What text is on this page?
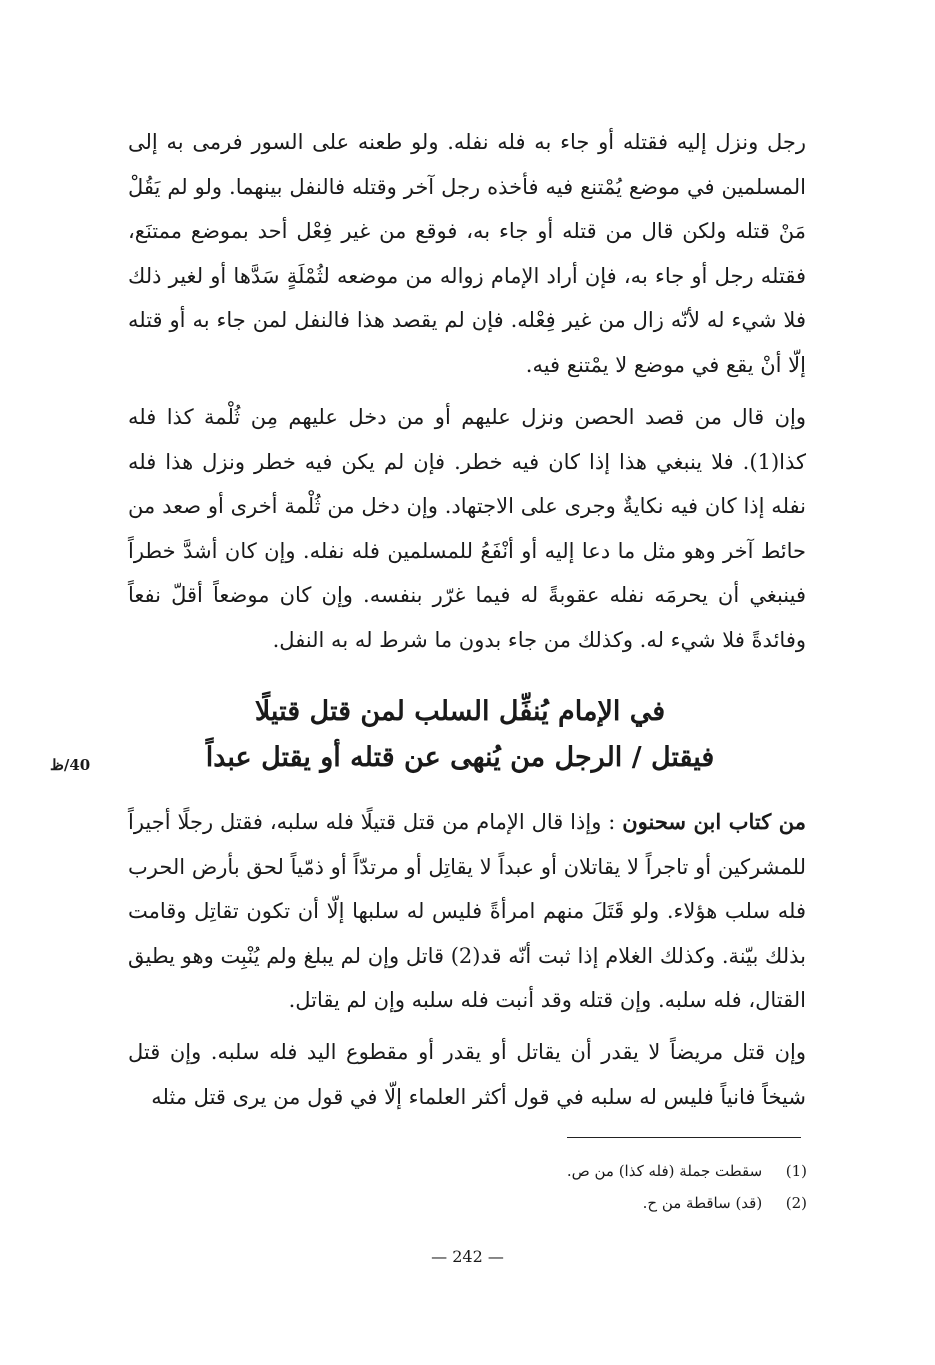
رجل ونزل إليه فقتله أو جاء به فله نفله. ولو طعنه على السور فرمى به إلى المسلمين في موضع يُمْتنع فيه فأخذه رجل آخر وقتله فالنفل بينهما. ولو لم يَقُلْ مَنْ قتله ولكن قال من قتله أو جاء به، فوقع من غير فِعْل أحد بموضع ممتنَع، فقتله رجل أو جاء به، فإن أراد الإمام زواله من موضعه لثُمْلَةٍ سَدَّها أو لغير ذلك فلا شيء له لأنّه زال من غير فِعْله. فإن لم يقصد هذا فالنفل لمن جاء به أو قتله إلّا أنْ يقع في موضع لا يمْتنع فيه.

وإن قال من قصد الحصن ونزل عليهم أو من دخل عليهم مِن ثُلْمة كذا فله كذا(1). فلا ينبغي هذا إذا كان فيه خطر. فإن لم يكن فيه خطر ونزل هذا فله نفله إذا كان فيه نكايةٌ وجرى على الاجتهاد. وإن دخل من ثُلْمة أخرى أو صعد من حائط آخر وهو مثل ما دعا إليه أو أنْفَعُ للمسلمين فله نفله. وإن كان أشدَّ خطراً فينبغي أن يحرمَه نفله عقوبةً له فيما غرّر بنفسه. وإن كان موضعاً أقلّ نفعاً وفائدةً فلا شيء له. وكذلك من جاء بدون ما شرط له به النفل.

في الإمام يُنفِّل السلب لمن قتل قتيلًا
فيقتل / الرجل من يُنهى عن قتله أو يقتل عبداً
40/ظ

من كتاب ابن سحنون : وإذا قال الإمام من قتل قتيلًا فله سلبه، فقتل رجلًا أجيراً للمشركين أو تاجراً لا يقاتلان أو عبداً لا يقاتِل أو مرتدّاً أو ذمّياً لحق بأرض الحرب فله سلب هؤلاء. ولو قَتَلَ منهم امرأةً فليس له سلبها إلّا أن تكون تقاتِل وقامت بذلك بيّنة. وكذلك الغلام إذا ثبت أنّه قد(2) قاتل وإن لم يبلغ ولم يُنْبِت وهو يطيق القتال، فله سلبه. وإن قتله وقد أنبت فله سلبه وإن لم يقاتل.

وإن قتل مريضاً لا يقدر أن يقاتل أو يقدر أو مقطوع اليد فله سلبه. وإن قتل شيخاً فانياً فليس له سلبه في قول أكثر العلماء إلّا في قول من يرى قتل مثله

(1) سقطت جملة (فله كذا) من ص.

(2) (قد) ساقطة من ح.

— 242 —
